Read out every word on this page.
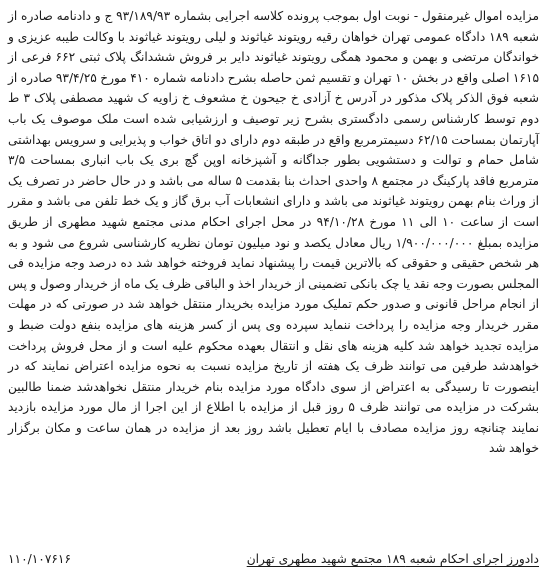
مزایده اموال غیرمنقول - نوبت اول بموجب پرونده کلاسه اجرایی بشماره ۹۳/۱۸۹/۹۳ ج و دادنامه صادره از شعبه ۱۸۹ دادگاه عمومی تهران خواهان رقیه رویتوند غیاثوند و لیلی رویتوند غیاثوند با وکالت طیبه عزیزی و خواندگان مرتضی و بهمن و محمود همگی رویتوند غیاثوند دایر بر فروش ششدانگ پلاک ثبتی ۶۶۲ فرعی از ۱۶۱۵ اصلی واقع در بخش ۱۰ تهران و تقسیم ثمن حاصله بشرح دادنامه شماره ۴۱۰ مورخ ۹۳/۴/۲۵ صادره از شعبه فوق الذکر پلاک مذکور در آدرس خ آزادی خ جیحون خ مشعوف خ زاویه ک شهید مصطفی پلاک ۳ ط دوم توسط کارشناس رسمی دادگستری بشرح زیر توصیف و ارزشیابی شده است ملک موصوف یک باب آپارتمان بمساحت ۶۲/۱۵ دسیمترمربع واقع در طبقه دوم دارای دو اتاق خواب و پذیرایی و سرویس بهداشتی شامل حمام و توالت و دستشویی بطور جداگانه و آشپزخانه اوپن گچ بری یک باب انباری بمساحت ۳/۵ مترمربع فاقد پارکینگ در مجتمع ۸ واحدی احداث بنا بقدمت ۵ ساله می باشد و در حال حاضر در تصرف یک از وراث بنام بهمن رویتوند غیاثوند می باشد و دارای انشعابات آب برق گاز و یک خط تلفن می باشد و مقرر است از ساعت ۱۰ الی ۱۱ مورخ ۹۴/۱۰/۲۸ در محل اجرای احکام مدنی مجتمع شهید مطهری از طریق مزایده بمبلغ ۱/۹۰۰/۰۰۰/۰۰۰ ریال معادل یکصد و نود میلیون تومان نظریه کارشناسی شروع می شود و به هر شخص حقیقی و حقوقی که بالاترین قیمت را پیشنهاد نماید فروخته خواهد شد ده درصد وجه مزایده فی المجلس بصورت وجه نقد یا چک بانکی تضمینی از خریدار اخذ و الباقی ظرف یک ماه از خریدار وصول و پس از انجام مراحل قانونی و صدور حکم تملیک مورد مزایده بخریدار منتقل خواهد شد در صورتی که در مهلت مقرر خریدار وجه مزایده را پرداخت ننماید سپرده وی پس از کسر هزینه های مزایده بنفع دولت ضبط و مزایده تجدید خواهد شد کلیه هزینه های نقل و انتقال بعهده محکوم علیه است و از محل فروش پرداخت خواهدشد طرفین می توانند ظرف یک هفته از تاریخ مزایده نسبت به نحوه مزایده اعتراض نمایند که در اینصورت تا رسیدگی به اعتراض از سوی دادگاه مورد مزایده بنام خریدار منتقل نخواهدشد ضمنا طالبین بشرکت در مزایده می توانند ظرف ۵ روز قبل از مزایده با اطلاع از این اجرا از مال مورد مزایده بازدید نمایند چنانچه روز مزایده مصادف با ایام تعطیل باشد روز بعد از مزایده در همان ساعت و مکان برگزار خواهد شد

دادورز اجرای احکام شعبه ۱۸۹ مجتمع شهید مطهری تهران
۱۱۰/۱۰۷۶۱۶
